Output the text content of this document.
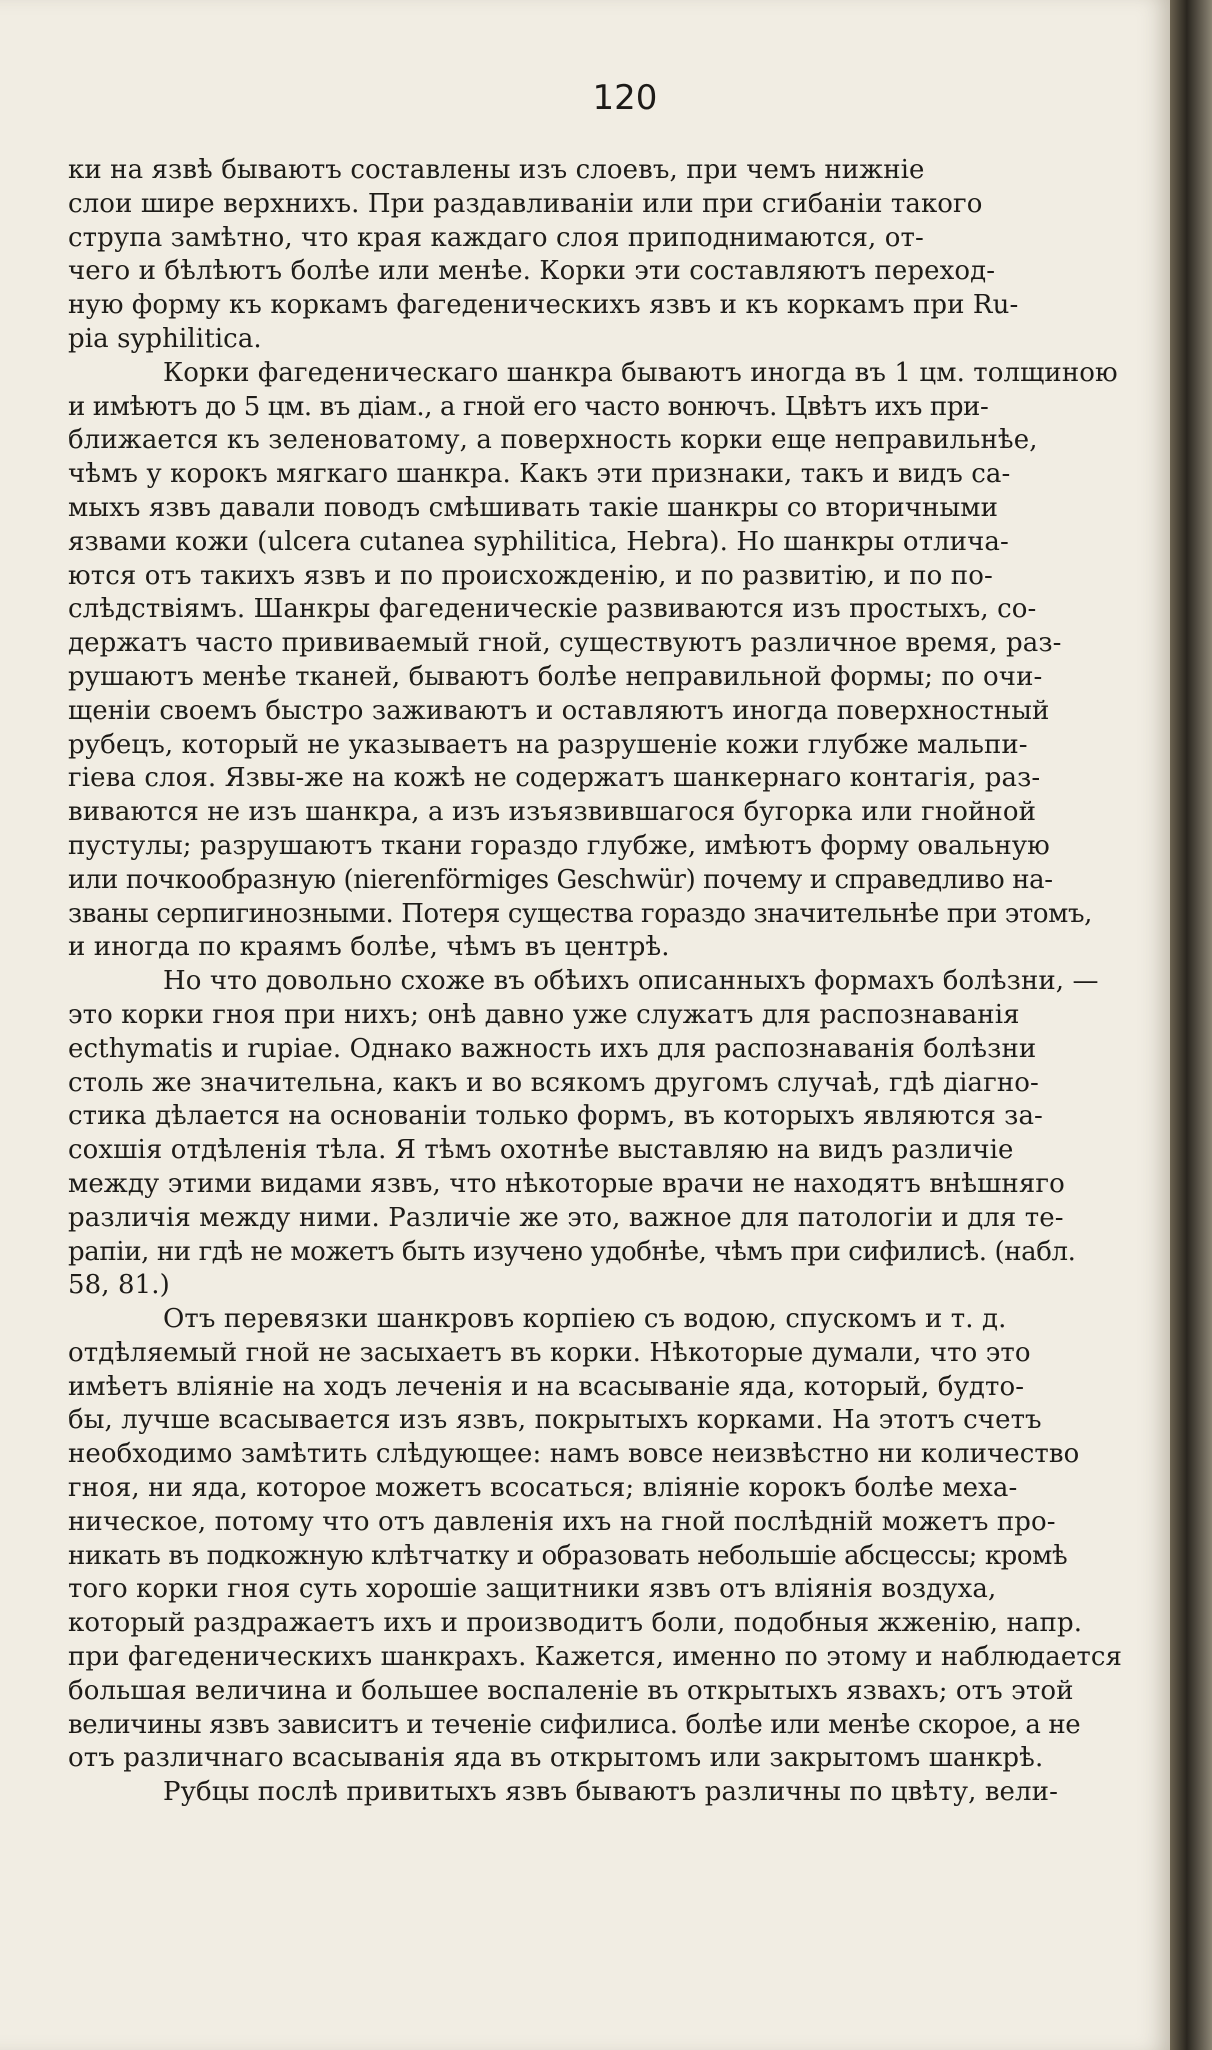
120
ки на язвѣ бываютъ составлены изъ слоевъ, при чемъ нижніе
слои шире верхнихъ. При раздавливаніи или при сгибаніи такого
струпа замѣтно, что края каждаго слоя приподнимаются, от-
чего и бѣлѣютъ болѣе или менѣе. Корки эти составляютъ переход-
ную форму къ коркамъ фагеденическихъ язвъ и къ коркамъ при Ru-
pia syphilitica.
Корки фагеденическаго шанкра бываютъ иногда въ 1 цм. толщиною
и имѣютъ до 5 цм. въ діам., а гной его часто вонючъ. Цвѣтъ ихъ при-
ближается къ зеленоватому, а поверхность корки еще неправильнѣе,
чѣмъ у корокъ мягкаго шанкра. Какъ эти признаки, такъ и видъ са-
мыхъ язвъ давали поводъ смѣшивать такіе шанкры со вторичными
язвами кожи (ulcera cutanea syphilitica, Hebra). Но шанкры отлича-
ются отъ такихъ язвъ и по происхожденію, и по развитію, и по по-
слѣдствіямъ. Шанкры фагеденическіе развиваются изъ простыхъ, со-
держатъ часто прививаемый гной, существуютъ различное время, раз-
рушаютъ менѣе тканей, бываютъ болѣе неправильной формы; по очи-
щеніи своемъ быстро заживаютъ и оставляютъ иногда поверхностный
рубецъ, который не указываетъ на разрушеніе кожи глубже мальпи-
гіева слоя. Язвы-же на кожѣ не содержатъ шанкернаго контагія, раз-
виваются не изъ шанкра, а изъ изъязвившагося бугорка или гнойной
пустулы; разрушаютъ ткани гораздо глубже, имѣютъ форму овальную
или почкообразную (nierenförmiges Geschwür) почему и справедливо на-
званы серпигинозными. Потеря существа гораздо значительнѣе при этомъ,
и иногда по краямъ болѣе, чѣмъ въ центрѣ.
Но что довольно схоже въ обѣихъ описанныхъ формахъ болѣзни, —
это корки гноя при нихъ; онѣ давно уже служатъ для распознаванія
ecthymatis и rupiae. Однако важность ихъ для распознаванія болѣзни
столь же значительна, какъ и во всякомъ другомъ случаѣ, гдѣ діагно-
стика дѣлается на основаніи только формъ, въ которыхъ являются за-
сохшія отдѣленія тѣла. Я тѣмъ охотнѣе выставляю на видъ различіе
между этими видами язвъ, что нѣкоторые врачи не находятъ внѣшняго
различія между ними. Различіе же это, важное для патологіи и для те-
рапіи, ни гдѣ не можетъ быть изучено удобнѣе, чѣмъ при сифилисѣ. (набл.
58, 81.)
Отъ перевязки шанкровъ корпіею съ водою, спускомъ и т. д.
отдѣляемый гной не засыхаетъ въ корки. Нѣкоторые думали, что это
имѣетъ вліяніе на ходъ леченія и на всасываніе яда, который, будто-
бы, лучше всасывается изъ язвъ, покрытыхъ корками. На этотъ счетъ
необходимо замѣтить слѣдующее: намъ вовсе неизвѣстно ни количество
гноя, ни яда, которое можетъ всосаться; вліяніе корокъ болѣе меха-
ническое, потому что отъ давленія ихъ на гной послѣдній можетъ про-
никать въ подкожную клѣтчатку и образовать небольшіе абсцессы; кромѣ
того корки гноя суть хорошіе защитники язвъ отъ вліянія воздуха,
который раздражаетъ ихъ и производитъ боли, подобныя жженію, напр.
при фагеденическихъ шанкрахъ. Кажется, именно по этому и наблюдается
большая величина и большее воспаленіе въ открытыхъ язвахъ; отъ этой
величины язвъ зависитъ и теченіе сифилиса. болѣе или менѣе скорое, а не
отъ различнаго всасыванія яда въ открытомъ или закрытомъ шанкрѣ.
Рубцы послѣ привитыхъ язвъ бываютъ различны по цвѣту, вели-
